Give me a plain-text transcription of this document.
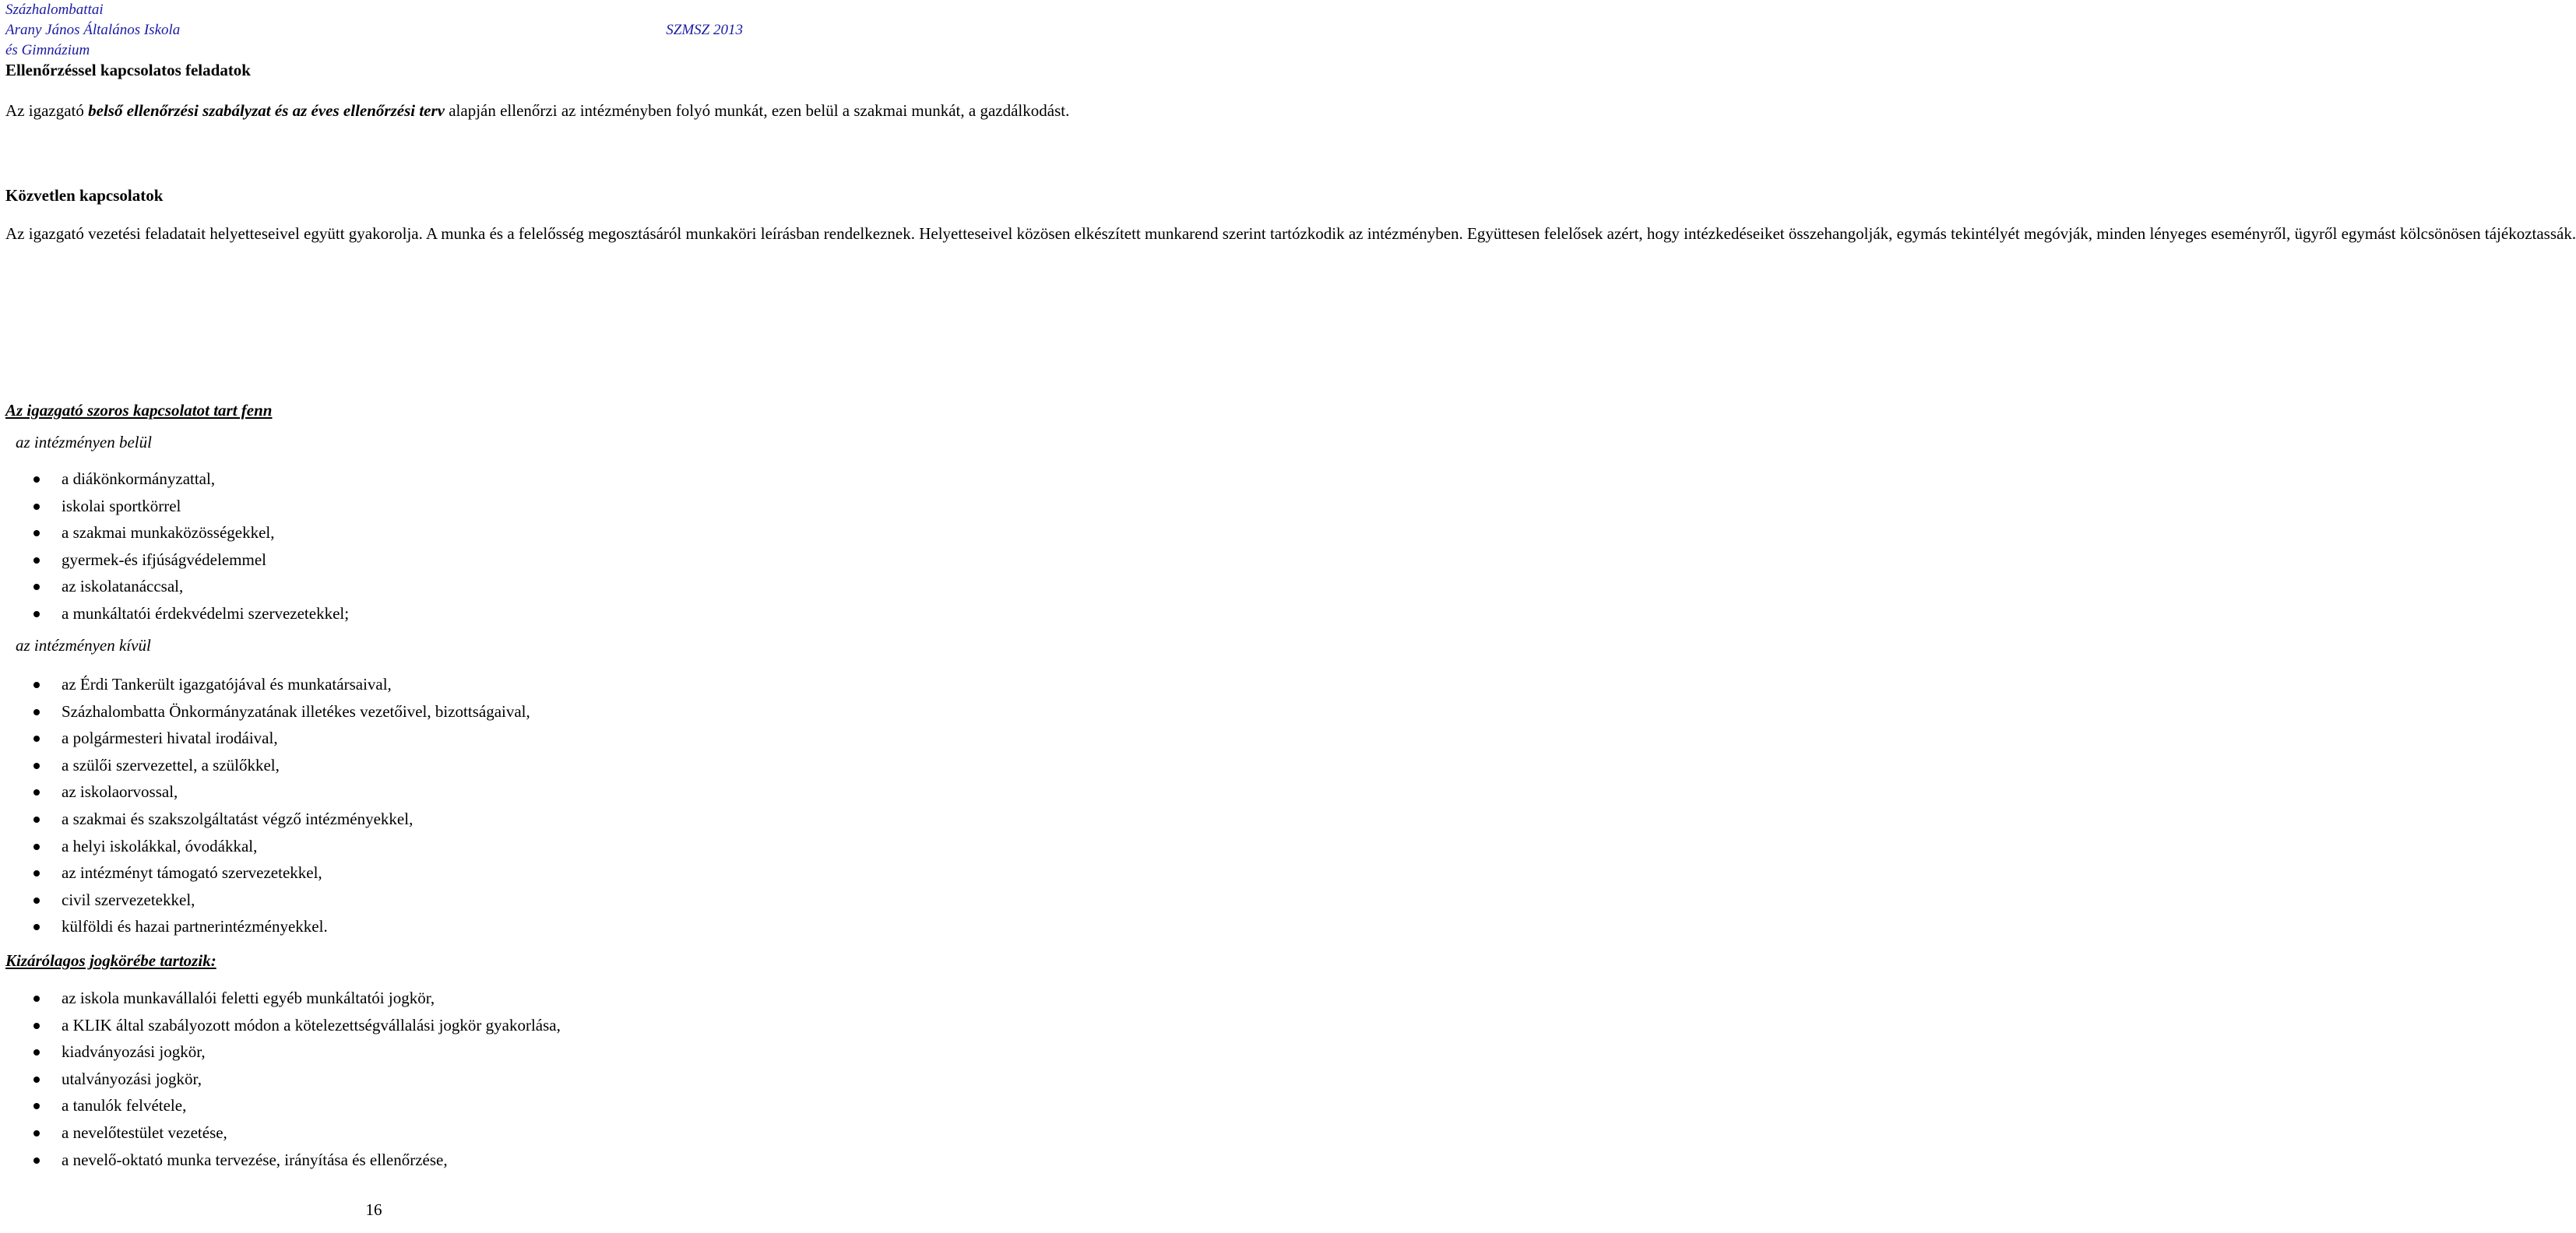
Százhalombattai
Arany János Általános Iskola
és Gimnázium
SZMSZ 2013
Ellenőrzéssel kapcsolatos feladatok
Az igazgató belső ellenőrzési szabályzat és az éves ellenőrzési terv alapján ellenőrzi az intézményben folyó munkát, ezen belül a szakmai munkát, a gazdálkodást.
Közvetlen kapcsolatok
Az igazgató vezetési feladatait helyetteseivel együtt gyakorolja. A munka és a felelősség megosztásáról munkaköri leírásban rendelkeznek. Helyetteseivel közösen elkészített munkarend szerint tartózkodik az intézményben. Együttesen felelősek azért, hogy intézkedéseiket összehangolják, egymás tekintélyét megóvják, minden lényeges eseményről, ügyről egymást kölcsönösen tájékoztassák.
Az igazgató szoros kapcsolatot tart fenn
az intézményen belül
a diákönkormányzattal,
iskolai sportkörrel
a szakmai munkaközösségekkel,
gyermek-és ifjúságvédelemmel
az iskolatanáccsal,
a munkáltatói érdekvédelmi szervezetekkel;
az intézményen kívül
az Érdi Tankerült igazgatójával és munkatársaival,
Százhalombatta Önkormányzatának illetékes vezetőivel, bizottságaival,
a polgármesteri hivatal irodáival,
a szülői szervezettel, a szülőkkel,
az iskolaorvossal,
a szakmai és szakszolgáltatást végző intézményekkel,
a helyi iskolákkal, óvodákkal,
az intézményt támogató szervezetekkel,
civil szervezetekkel,
külföldi és hazai partnerintézményekkel.
Kizárólagos jogkörébe tartozik:
az iskola munkavállalói feletti egyéb munkáltatói jogkör,
a KLIK által szabályozott módon a kötelezettségvállalási jogkör gyakorlása,
kiadványozási jogkör,
utalványozási jogkör,
a tanulók felvétele,
a nevelőtestület vezetése,
a nevelő-oktató munka tervezése, irányítása és ellenőrzése,
16
